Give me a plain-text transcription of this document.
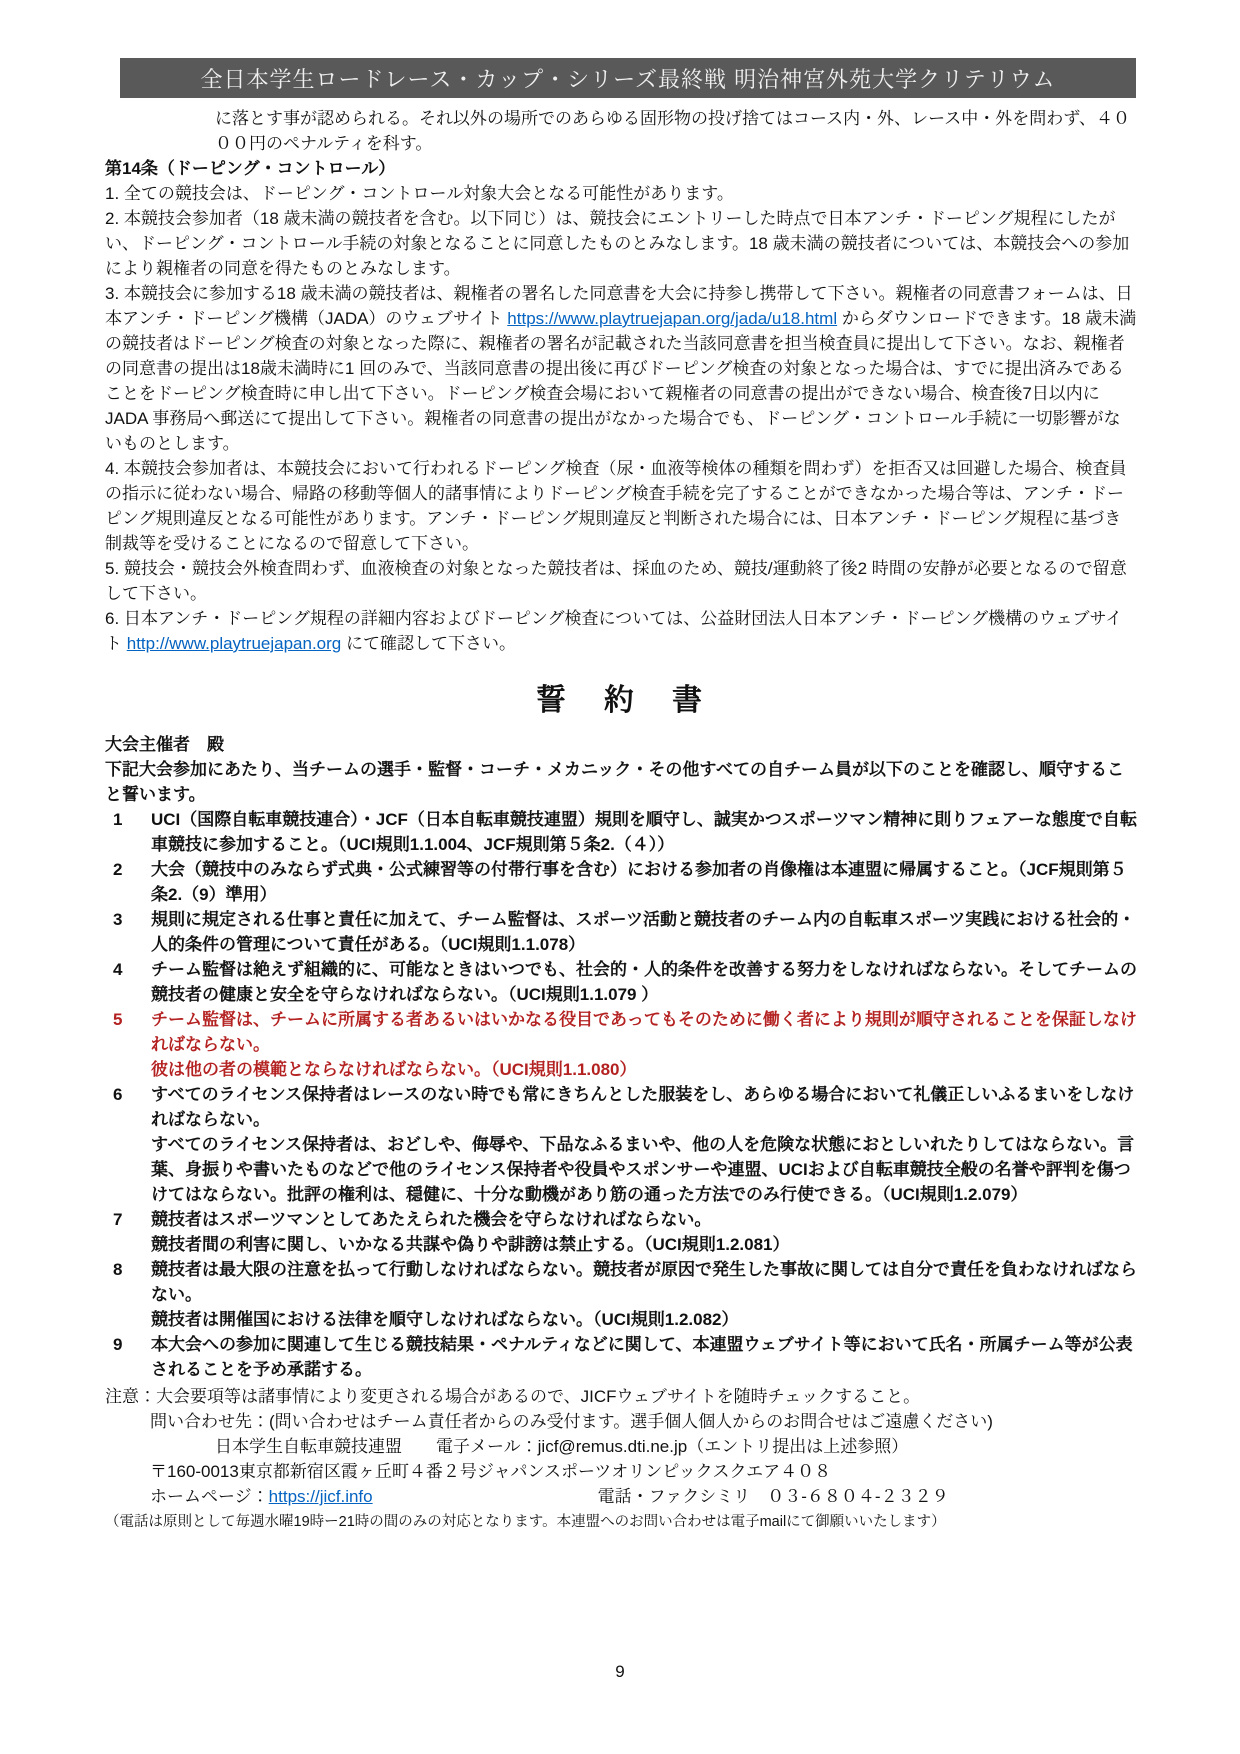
全日本学生ロードレース・カップ・シリーズ最終戦 明治神宮外苑大学クリテリウム

に落とす事が認められる。それ以外の場所でのあらゆる固形物の投げ捨てはコース内・外、レース中・外を問わず、４０００円のペナルティを科す。

第14条（ドーピング・コントロール）

1. 全ての競技会は、ドーピング・コントロール対象大会となる可能性があります。

2. 本競技会参加者（18 歳未満の競技者を含む。以下同じ）は、競技会にエントリーした時点で日本アンチ・ドーピング規程にしたがい、ドーピング・コントロール手続の対象となることに同意したものとみなします。18 歳未満の競技者については、本競技会への参加により親権者の同意を得たものとみなします。

3. 本競技会に参加する18 歳未満の競技者は、親権者の署名した同意書を大会に持参し携帯して下さい。親権者の同意書フォームは、日本アンチ・ドーピング機構（JADA）のウェブサイト https://www.playtruejapan.org/jada/u18.html からダウンロードできます。18 歳未満の競技者はドーピング検査の対象となった際に、親権者の署名が記載された当該同意書を担当検査員に提出して下さい。なお、親権者の同意書の提出は18歳未満時に1 回のみで、当該同意書の提出後に再びドーピング検査の対象となった場合は、すでに提出済みであることをドーピング検査時に申し出て下さい。ドーピング検査会場において親権者の同意書の提出ができない場合、検査後7日以内にJADA 事務局へ郵送にて提出して下さい。親権者の同意書の提出がなかった場合でも、ドーピング・コントロール手続に一切影響がないものとします。

4. 本競技会参加者は、本競技会において行われるドーピング検査（尿・血液等検体の種類を問わず）を拒否又は回避した場合、検査員の指示に従わない場合、帰路の移動等個人的諸事情によりドーピング検査手続を完了することができなかった場合等は、アンチ・ドーピング規則違反となる可能性があります。アンチ・ドーピング規則違反と判断された場合には、日本アンチ・ドーピング規程に基づき制裁等を受けることになるので留意して下さい。

5. 競技会・競技会外検査問わず、血液検査の対象となった競技者は、採血のため、競技/運動終了後2 時間の安静が必要となるので留意して下さい。

6. 日本アンチ・ドーピング規程の詳細内容およびドーピング検査については、公益財団法人日本アンチ・ドーピング機構のウェブサイト http://www.playtruejapan.org にて確認して下さい。

誓　約　書

大会主催者　殿

下記大会参加にあたり、当チームの選手・監督・コーチ・メカニック・その他すべての自チーム員が以下のことを確認し、順守すること誓います。

1	UCI（国際自転車競技連合）・JCF（日本自転車競技連盟）規則を順守し、誠実かつスポーツマン精神に則りフェアーな態度で自転車競技に参加すること。（UCI規則1.1.004、JCF規則第５条2.（４））

2	大会（競技中のみならず式典・公式練習等の付帯行事を含む）における参加者の肖像権は本連盟に帰属すること。（JCF規則第５条2.（9）準用）

3	規則に規定される仕事と責任に加えて、チーム監督は、スポーツ活動と競技者のチーム内の自転車スポーツ実践における社会的・人的条件の管理について責任がある。（UCI規則1.1.078）

4	チーム監督は絶えず組織的に、可能なときはいつでも、社会的・人的条件を改善する努力をしなければならない。そしてチームの競技者の健康と安全を守らなければならない。（UCI規則1.1.079 ）

5	チーム監督は、チームに所属する者あるいはいかなる役目であってもそのために働く者により規則が順守されることを保証しなければならない。

彼は他の者の模範とならなければならない。（UCI規則1.1.080）

6	すべてのライセンス保持者はレースのない時でも常にきちんとした服装をし、あらゆる場合において礼儀正しいふるまいをしなければならない。

すべてのライセンス保持者は、おどしや、侮辱や、下品なふるまいや、他の人を危険な状態におとしいれたりしてはならない。言葉、身振りや書いたものなどで他のライセンス保持者や役員やスポンサーや連盟、UCIおよび自転車競技全般の名誉や評判を傷つけてはならない。批評の権利は、穏健に、十分な動機があり筋の通った方法でのみ行使できる。（UCI規則1.2.079）

7	競技者はスポーツマンとしてあたえられた機会を守らなければならない。

競技者間の利害に関し、いかなる共謀や偽りや誹謗は禁止する。（UCI規則1.2.081）

8	競技者は最大限の注意を払って行動しなければならない。競技者が原因で発生した事故に関しては自分で責任を負わなければならない。

競技者は開催国における法律を順守しなければならない。（UCI規則1.2.082）

9	本大会への参加に関連して生じる競技結果・ペナルティなどに関して、本連盟ウェブサイト等において氏名・所属チーム等が公表されることを予め承諾する。

注意：大会要項等は諸事情により変更される場合があるので、JICFウェブサイトを随時チェックすること。

問い合わせ先：(問い合わせはチーム責任者からのみ受付ます。選手個人個人からのお問合せはご遠慮ください)

日本学生自転車競技連盟　　電子メール：jicf@remus.dti.ne.jp（エントリ提出は上述参照）

〒160-0013東京都新宿区霞ヶ丘町４番２号ジャパンスポーツオリンピックスクエア４０８

ホームページ： https://jicf.info	電話・ファクシミリ　０３-６８０４-２３２９

（電話は原則として毎週水曜19時ー21時の間のみの対応となります。本連盟へのお問い合わせは電子mailにて御願いいたします）

9
